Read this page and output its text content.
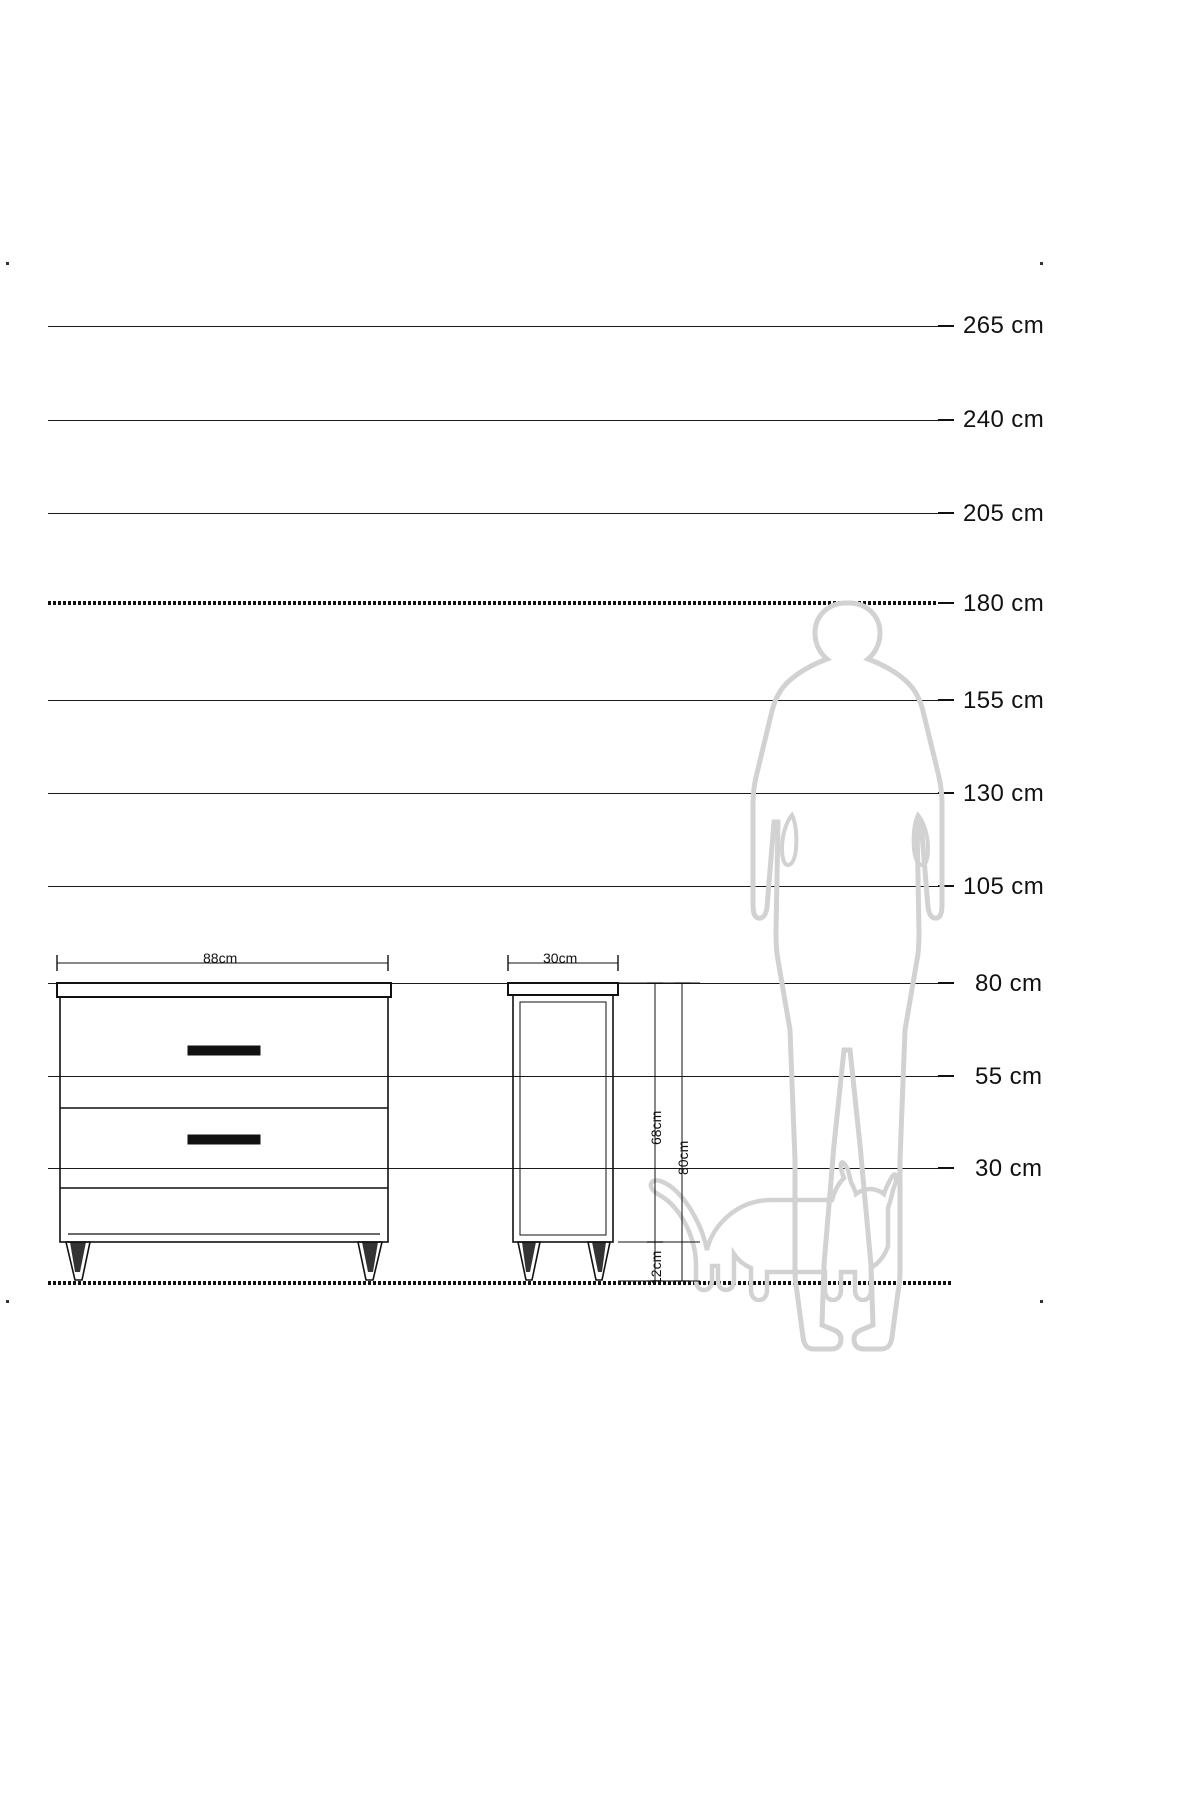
265 cm
240 cm
205 cm
180 cm
155 cm
130 cm
105 cm
80 cm
55 cm
30 cm
88cm	30cm
68cm
80cm
12cm
